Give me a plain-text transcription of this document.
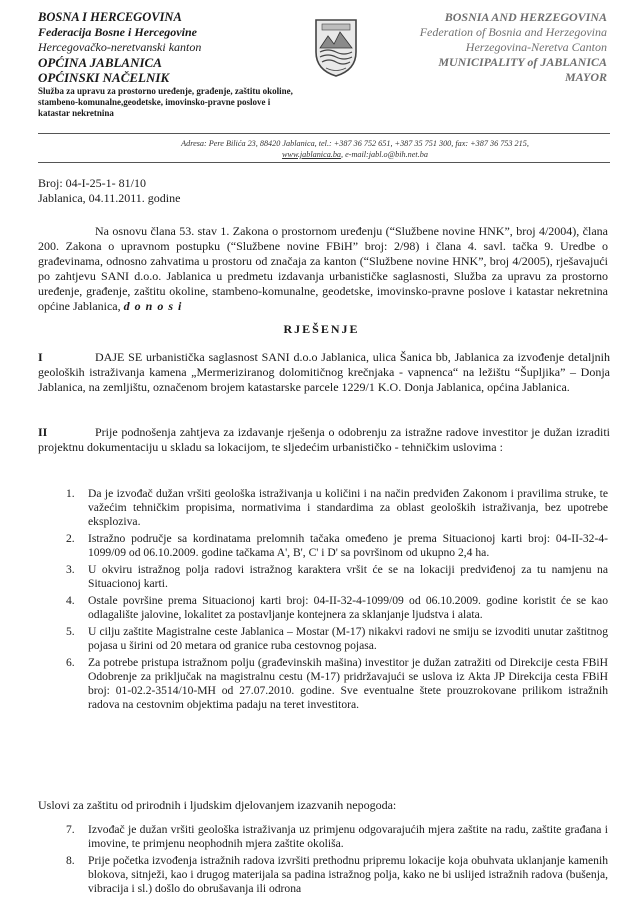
BOSNA I HERCEGOVINA
Federacija Bosne i Hercegovine
Hercegovačko-neretvanski kanton
OPĆINA JABLANICA
OPĆINSKI NAČELNIK
Služba za upravu za prostorno uređenje, građenje, zaštitu okoline, stambeno-komunalne,geodetske, imovinsko-pravne poslove i katastar nekretnina
BOSNIA AND HERZEGOVINA
Federation of Bosnia and Herzegovina
Herzegovina-Neretva Canton
MUNICIPALITY of JABLANICA
MAYOR
Adresa: Pere Bilića 23, 88420 Jablanica, tel.: +387 36 752 651, +387 35 751 300, fax: +387 36 753 215,
www.jablanica.ba, e-mail:jabl.o@bih.net.ba
Broj: 04-I-25-1- 81/10
Jablanica, 04.11.2011. godine
Na osnovu člana 53. stav 1. Zakona o prostornom uređenju (“Službene novine HNK”, broj 4/2004), člana 200. Zakona o upravnom postupku (“Službene novine FBiH” broj: 2/98) i člana 4. savl. tačka 9. Uredbe o građevinama, odnosno zahvatima u prostoru od značaja za kanton (“Službene novine HNK”, broj 4/2005), rješavajući po zahtjevu SANI d.o.o. Jablanica u predmetu izdavanja urbanističke saglasnosti, Služba za upravu za prostorno uređenje, građenje, zaštitu okoline, stambeno-komunalne, geodetske, imovinsko-pravne poslove i katastar nekretnina općine Jablanica, d o n o s i
RJEŠENJE
I	DAJE SE urbanistička saglasnost SANI d.o.o Jablanica, ulica Šanica bb, Jablanica za izvođenje detaljnih geoloških istraživanja kamena „Mermeriziranog dolomitičnog krečnjaka - vapnenca“ na ležištu “Šupljika” – Donja Jablanica, na zemljištu, označenom brojem katastarske parcele 1229/1 K.O. Donja Jablanica, općina Jablanica.
II	Prije podnošenja zahtjeva za izdavanje rješenja o odobrenju za istražne radove investitor je dužan izraditi projektnu dokumentaciju u skladu sa lokacijom, te sljedećim urbanističko - tehničkim uslovima :
1.	Da je izvođač dužan vršiti geološka istraživanja u količini i na način predviđen Zakonom i pravilima struke, te važećim tehničkim propisima, normativima i standardima za oblast geoloških istraživanja, bez upotrebe eksploziva.
2.	Istražno područje sa kordinatama prelomnih tačaka omeđeno je prema Situacionoj karti broj: 04-II-32-4-1099/09 od 06.10.2009. godine tačkama A', B', C' i D' sa površinom od ukupno 2,4 ha.
3.	U okviru istražnog polja radovi istražnog karaktera vršit će se na lokaciji predviđenoj za tu namjenu na Situacionoj karti.
4.	Ostale površine prema Situacionoj karti broj: 04-II-32-4-1099/09 od 06.10.2009. godine koristit će se kao odlagalište jalovine, lokalitet za postavljanje kontejnera za sklanjanje ljudstva i alata.
5.	U cilju zaštite Magistralne ceste Jablanica – Mostar (M-17) nikakvi radovi ne smiju se izvoditi unutar zaštitnog pojasa u širini od 20 metara od granice ruba cestovnog pojasa.
6.	Za potrebe pristupa istražnom polju (građevinskih mašina) investitor je dužan zatražiti od Direkcije cesta FBiH Odobrenje za priključak na magistralnu cestu (M-17) pridržavajući se uslova iz Akta JP Direkcija cesta FBiH broj: 01-02.2-3514/10-MH od 27.07.2010. godine. Sve eventualne štete prouzrokovane prilikom istražnih radova na cestovnim objektima padaju na teret investitora.
Uslovi za zaštitu od prirodnih i ljudskim djelovanjem izazvanih nepogoda:
7.	Izvođač je dužan vršiti geološka istraživanja uz primjenu odgovarajućih mjera zaštite na radu, zaštite građana i imovine, te primjenu neophodnih mjera zaštite okoliša.
8.	Prije početka izvođenja istražnih radova izvršiti prethodnu pripremu lokacije koja obuhvata uklanjanje kamenih blokova, sitnježi, kao i drugog materijala sa padina istražnog polja, kako ne bi uslijed istražnih radova (bušenja, vibracija i sl.) došlo do obrušavanja ili odrona
